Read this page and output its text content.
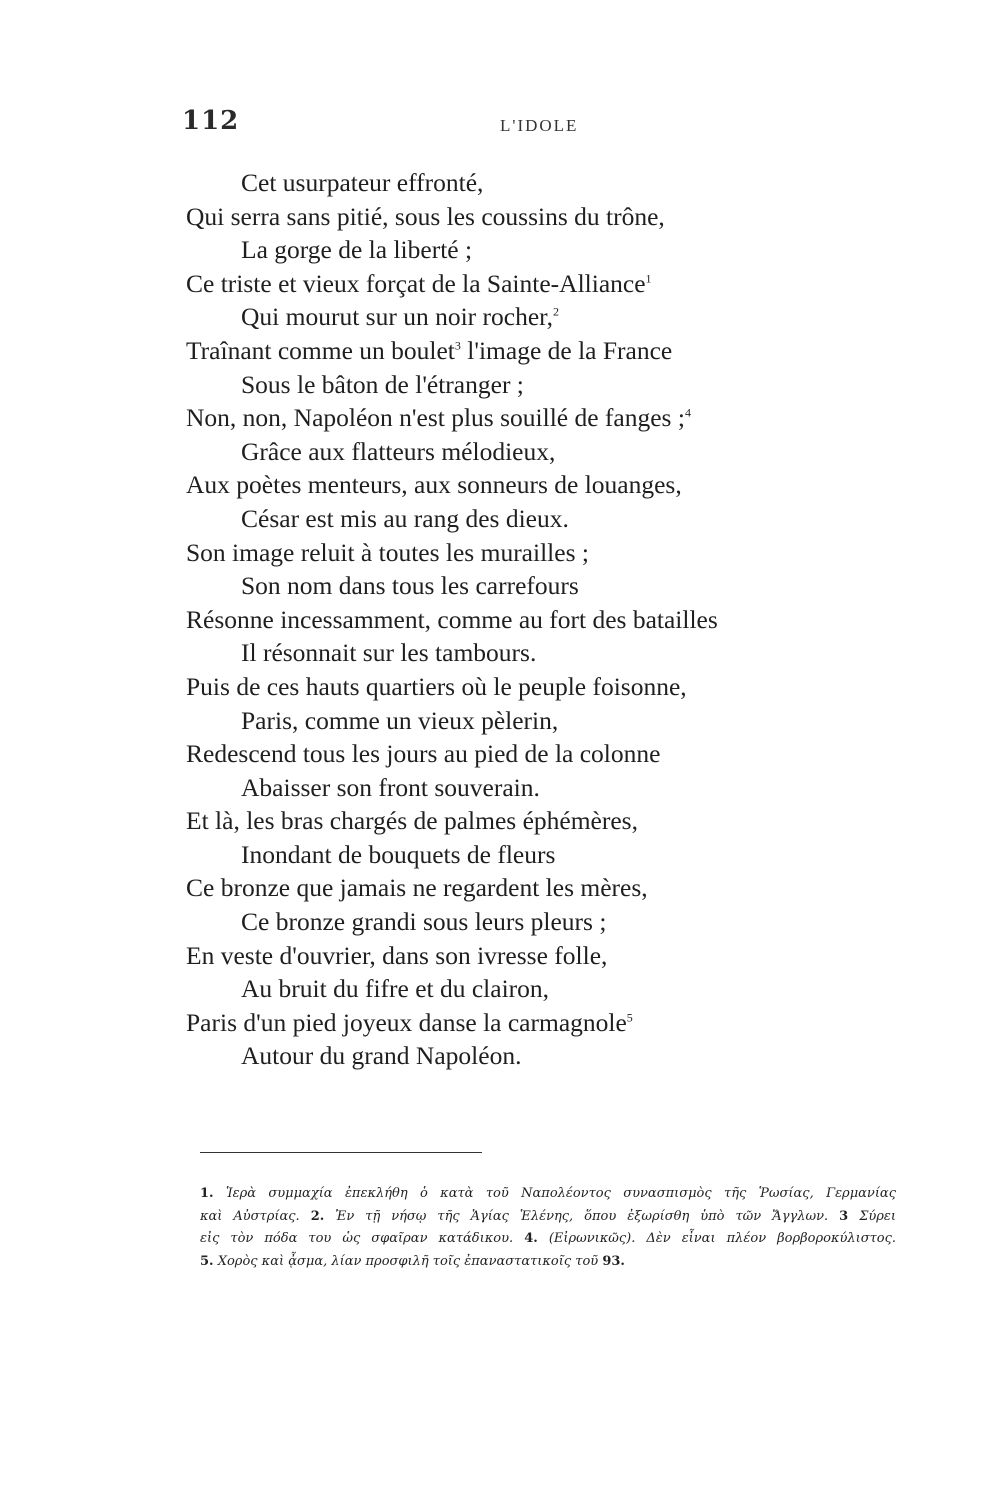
112	L'IDOLE
Cet usurpateur effronté,
Qui serra sans pitié, sous les coussins du trône,
La gorge de la liberté ;
Ce triste et vieux forçat de la Sainte-Alliance$^1$
Qui mourut sur un noir rocher,$^2$
Traînant comme un boulet$^3$ l'image de la France
Sous le bâton de l'étranger ;
Non, non, Napoléon n'est plus souillé de fanges ;$^4$
Grâce aux flatteurs mélodieux,
Aux poètes menteurs, aux sonneurs de louanges,
César est mis au rang des dieux.
Son image reluit à toutes les murailles ;
Son nom dans tous les carrefours
Résonne incessamment, comme au fort des batailles
Il résonnait sur les tambours.
Puis de ces hauts quartiers où le peuple foisonne,
Paris, comme un vieux pèlerin,
Redescend tous les jours au pied de la colonne
Abaisser son front souverain.
Et là, les bras chargés de palmes éphémères,
Inondant de bouquets de fleurs
Ce bronze que jamais ne regardent les mères,
Ce bronze grandi sous leurs pleurs ;
En veste d'ouvrier, dans son ivresse folle,
Au bruit du fifre et du clairon,
Paris d'un pied joyeux danse la carmagnole$^5$
Autour du grand Napoléon.
1. Ἱερὰ συμμαχία ἐπεκλήθη ὁ κατὰ τοῦ Ναπολέοντος συνασπισμὸς τῆς Ῥωσίας, Γερμανίας
καὶ Αὐστρίας. 2. Ἐν τῇ νήσῳ τῆς Ἁγίας Ἑλένης, ὅπου ἐξωρίσθη ὑπὸ τῶν Ἄγγλων. 3 Σύρει
εἰς τὸν πόδα του ὡς σφαῖραν κατάδικου. 4. (Εἰρωνικῶς). Δὲν εἶναι πλέον βορβοροκύλιστος.
5. Χορὸς καὶ ᾆσμα, λίαν προσφιλῆ τοῖς ἐπαναστατικοῖς τοῦ 93.
